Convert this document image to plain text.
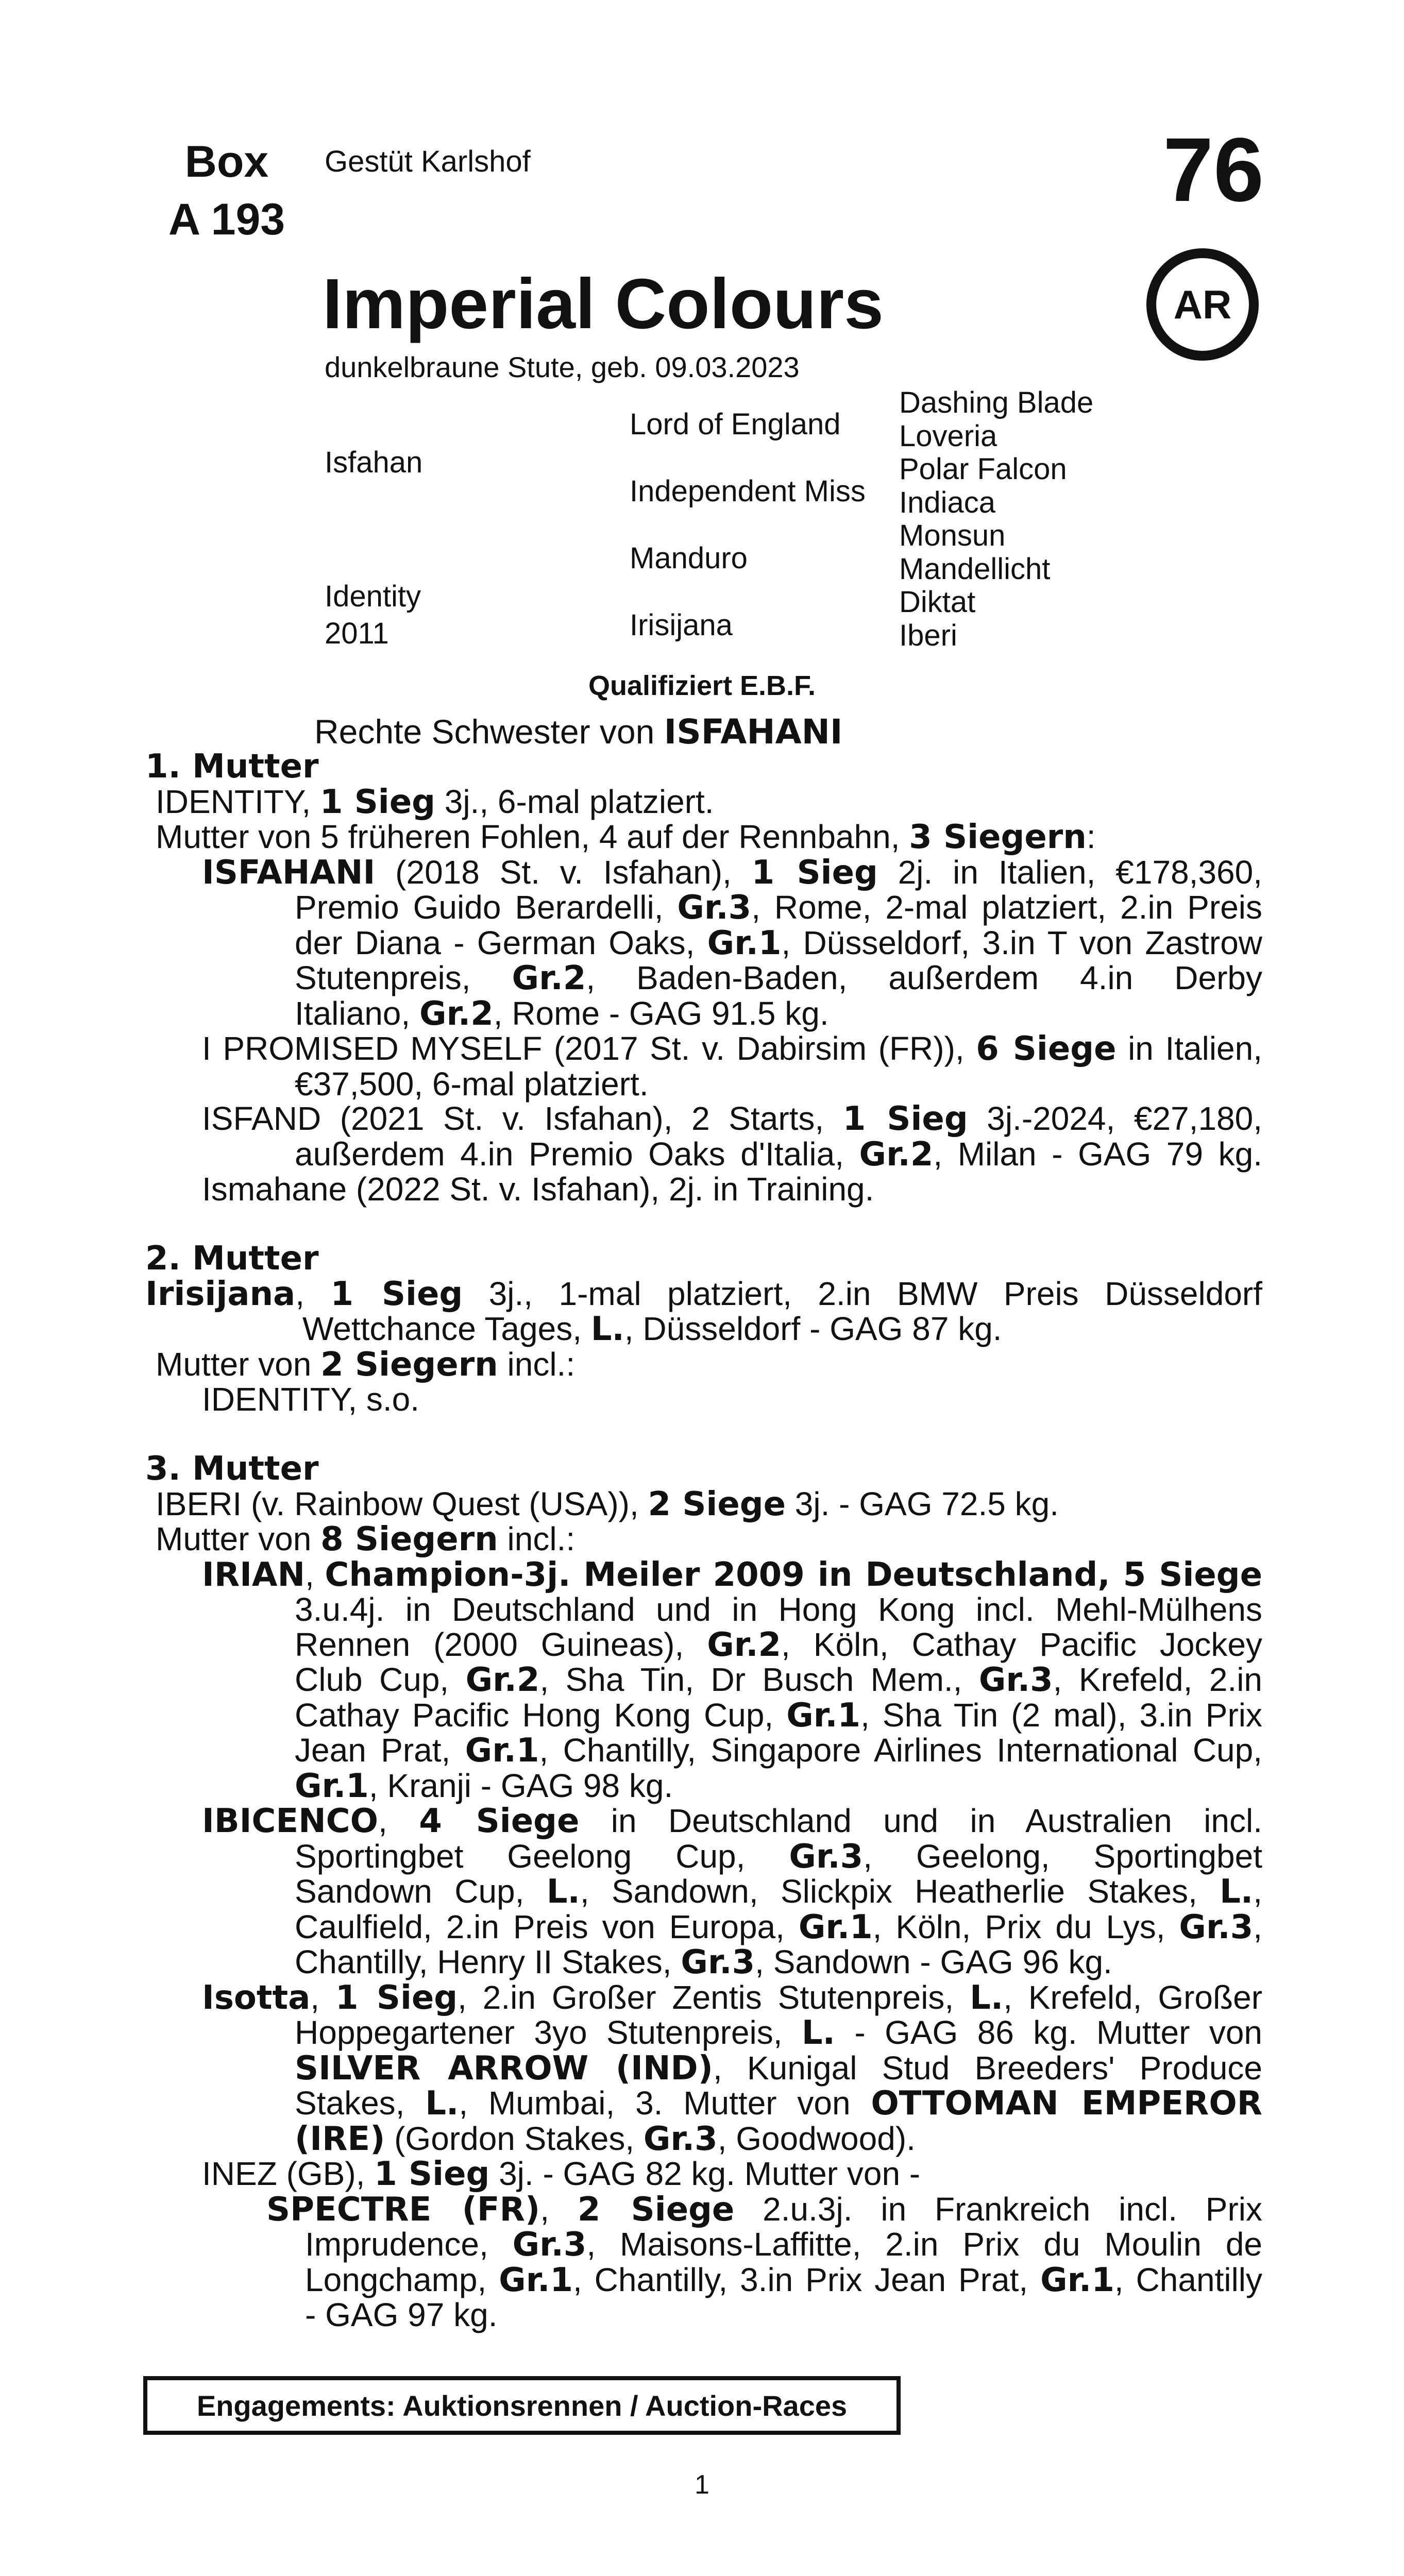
Box
A 193
Gestüt Karlshof	76
AR
Imperial Colours
dunkelbraune Stute, geb. 09.03.2023
Isfahan
Identity
2011
Lord of England
Independent Miss
Manduro
Irisijana
Dashing Blade
Loveria
Polar Falcon
Indiaca
Monsun
Mandellicht
Diktat
Iberi
Qualifiziert E.B.F.
Rechte Schwester von ISFAHANI
1. Mutter
IDENTITY, 1 Sieg 3j., 6-mal platziert.
Mutter von 5 früheren Fohlen, 4 auf der Rennbahn, 3 Siegern:
ISFAHANI (2018 St. v. Isfahan), 1 Sieg 2j. in Italien, €178,360,
Premio Guido Berardelli, Gr.3, Rome, 2-mal platziert, 2.in Preis
der Diana - German Oaks, Gr.1, Düsseldorf, 3.in T von Zastrow
Stutenpreis, Gr.2, Baden-Baden, außerdem 4.in Derby
Italiano, Gr.2, Rome - GAG 91.5 kg.
I PROMISED MYSELF (2017 St. v. Dabirsim (FR)), 6 Siege in Italien,
€37,500, 6-mal platziert.
ISFAND (2021 St. v. Isfahan), 2 Starts, 1 Sieg 3j.-2024, €27,180,
außerdem 4.in Premio Oaks d'Italia, Gr.2, Milan - GAG 79 kg.
Ismahane (2022 St. v. Isfahan), 2j. in Training.
2. Mutter
Irisijana, 1 Sieg 3j., 1-mal platziert, 2.in BMW Preis Düsseldorf
Wettchance Tages, L., Düsseldorf - GAG 87 kg.
Mutter von 2 Siegern incl.:
IDENTITY, s.o.
3. Mutter
IBERI (v. Rainbow Quest (USA)), 2 Siege 3j. - GAG 72.5 kg.
Mutter von 8 Siegern incl.:
IRIAN, Champion-3j. Meiler 2009 in Deutschland, 5 Siege
3.u.4j. in Deutschland und in Hong Kong incl. Mehl-Mülhens
Rennen (2000 Guineas), Gr.2, Köln, Cathay Pacific Jockey
Club Cup, Gr.2, Sha Tin, Dr Busch Mem., Gr.3, Krefeld, 2.in
Cathay Pacific Hong Kong Cup, Gr.1, Sha Tin (2 mal), 3.in Prix
Jean Prat, Gr.1, Chantilly, Singapore Airlines International Cup,
Gr.1, Kranji - GAG 98 kg.
IBICENCO, 4 Siege in Deutschland und in Australien incl.
Sportingbet Geelong Cup, Gr.3, Geelong, Sportingbet
Sandown Cup, L., Sandown, Slickpix Heatherlie Stakes, L.,
Caulfield, 2.in Preis von Europa, Gr.1, Köln, Prix du Lys, Gr.3,
Chantilly, Henry II Stakes, Gr.3, Sandown - GAG 96 kg.
Isotta, 1 Sieg, 2.in Großer Zentis Stutenpreis, L., Krefeld, Großer
Hoppegartener 3yo Stutenpreis, L. - GAG 86 kg. Mutter von
SILVER ARROW (IND), Kunigal Stud Breeders' Produce
Stakes, L., Mumbai, 3. Mutter von OTTOMAN EMPEROR
(IRE) (Gordon Stakes, Gr.3, Goodwood).
INEZ (GB), 1 Sieg 3j. - GAG 82 kg. Mutter von -
SPECTRE (FR), 2 Siege 2.u.3j. in Frankreich incl. Prix
Imprudence, Gr.3, Maisons-Laffitte, 2.in Prix du Moulin de
Longchamp, Gr.1, Chantilly, 3.in Prix Jean Prat, Gr.1, Chantilly
- GAG 97 kg.
Engagements: Auktionsrennen / Auction-Races
1
